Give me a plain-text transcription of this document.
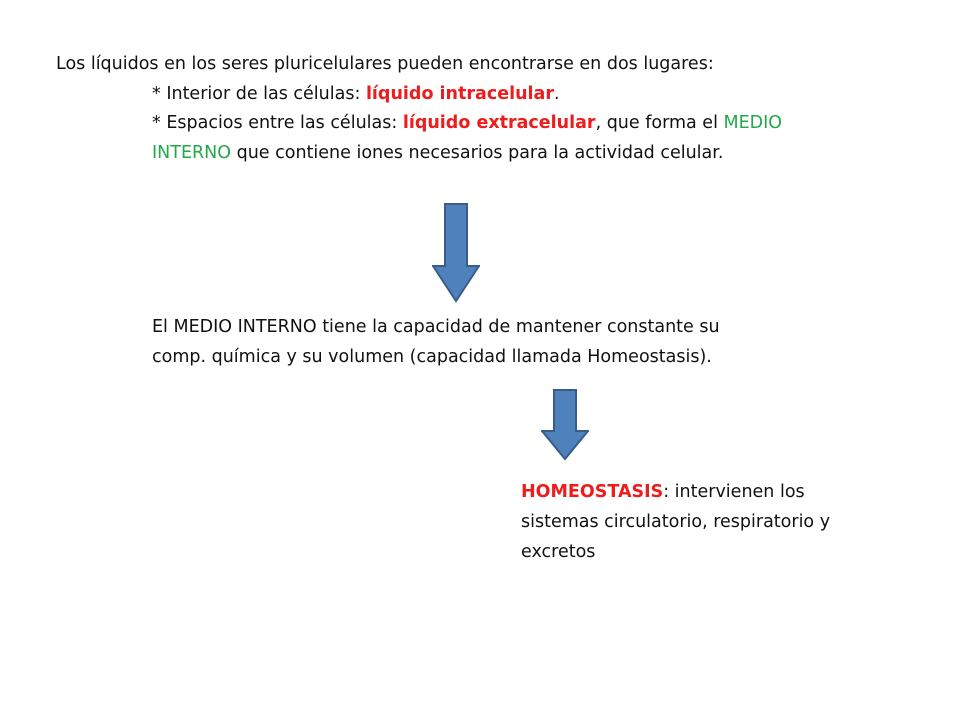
Los líquidos en los seres pluricelulares pueden encontrarse en dos lugares:
* Interior de las células: líquido intracelular.
* Espacios entre las células: líquido extracelular, que forma el MEDIO
INTERNO que contiene iones necesarios para la actividad celular.
El MEDIO INTERNO tiene la capacidad de mantener constante su
comp. química y su volumen (capacidad llamada Homeostasis).
HOMEOSTASIS: intervienen los
sistemas circulatorio, respiratorio y
excretos
